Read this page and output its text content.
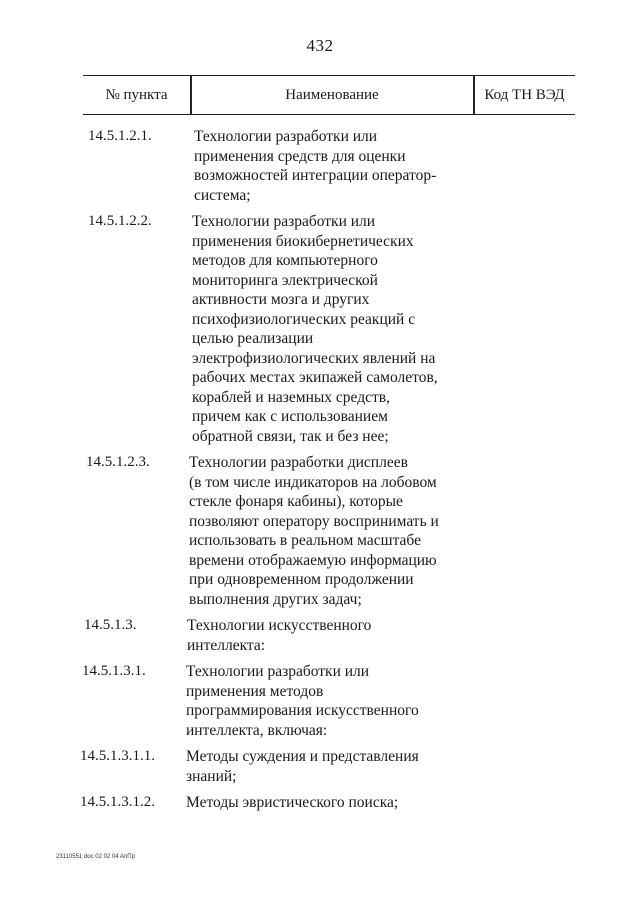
432
№ пункта	Наименование	Код ТН ВЭД
14.5.1.2.1.	Технологии разработки или
применения средств для оценки
возможностей интеграции оператор-
система;
14.5.1.2.2.	Технологии разработки или
применения биокибернетических
методов для компьютерного
мониторинга электрической
активности мозга и других
психофизиологических реакций с
целью реализации
электрофизиологических явлений на
рабочих местах экипажей самолетов,
кораблей и наземных средств,
причем как с использованием
обратной связи, так и без нее;
14.5.1.2.3.	Технологии разработки дисплеев
(в том числе индикаторов на лобовом
стекле фонаря кабины), которые
позволяют оператору воспринимать и
использовать в реальном масштабе
времени отображаемую информацию
при одновременном продолжении
выполнения других задач;
14.5.1.3.	Технологии искусственного
интеллекта:
14.5.1.3.1.	Технологии разработки или
применения методов
программирования искусственного
интеллекта, включая:
14.5.1.3.1.1. Методы суждения и представления
знаний;
14.5.1.3.1.2. Методы эвристического поиска;
23110551 doc 02 02 04 AnПp
